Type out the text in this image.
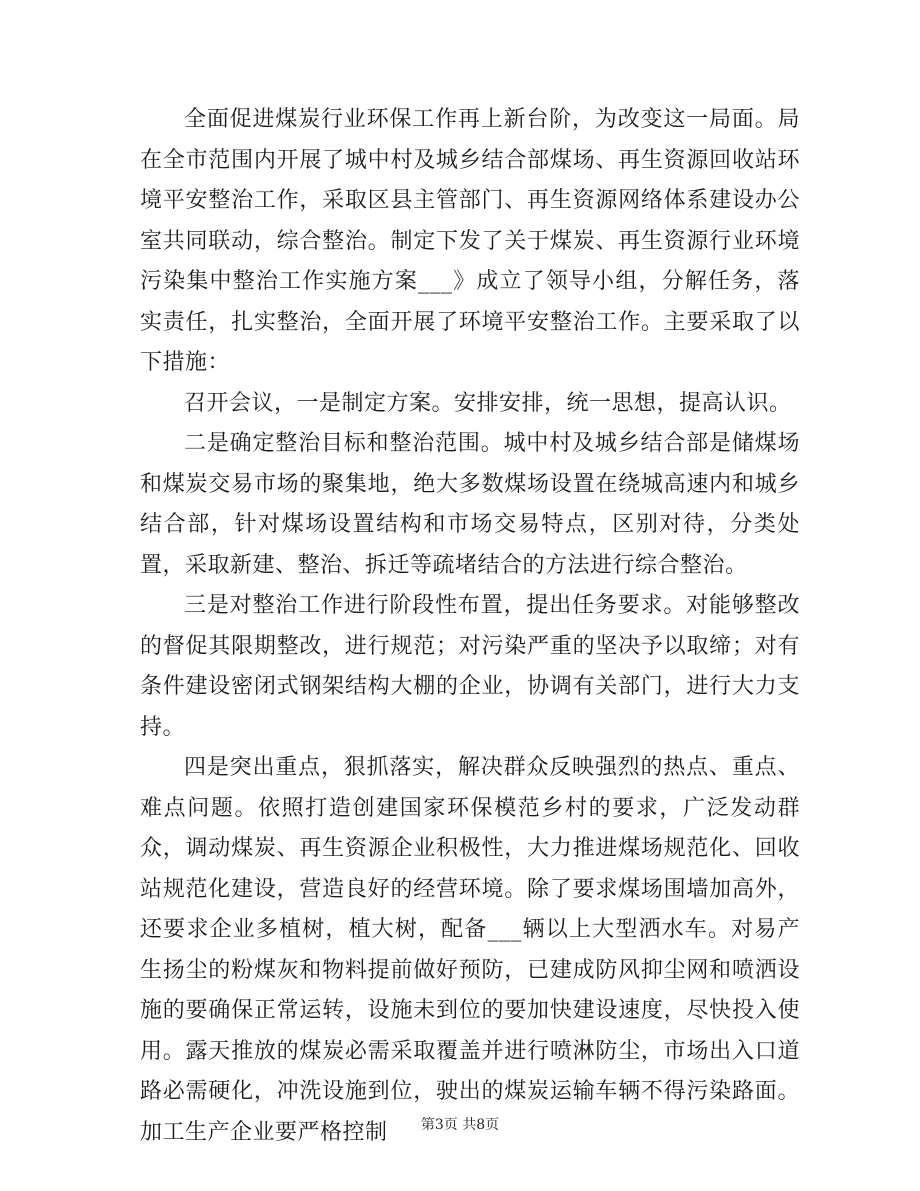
全面促进煤炭行业环保工作再上新台阶，为改变这一局面。局在全市范围内开展了城中村及城乡结合部煤场、再生资源回收站环境平安整治工作，采取区县主管部门、再生资源网络体系建设办公室共同联动，综合整治。制定下发了关于煤炭、再生资源行业环境污染集中整治工作实施方案___》成立了领导小组，分解任务，落实责任，扎实整治，全面开展了环境平安整治工作。主要采取了以下措施：

召开会议，一是制定方案。安排安排，统一思想，提高认识。

二是确定整治目标和整治范围。城中村及城乡结合部是储煤场和煤炭交易市场的聚集地，绝大多数煤场设置在绕城高速内和城乡结合部，针对煤场设置结构和市场交易特点，区别对待，分类处置，采取新建、整治、拆迁等疏堵结合的方法进行综合整治。

三是对整治工作进行阶段性布置，提出任务要求。对能够整改的督促其限期整改，进行规范；对污染严重的坚决予以取缔；对有条件建设密闭式钢架结构大棚的企业，协调有关部门，进行大力支持。

四是突出重点，狠抓落实，解决群众反映强烈的热点、重点、难点问题。依照打造创建国家环保模范乡村的要求，广泛发动群众，调动煤炭、再生资源企业积极性，大力推进煤场规范化、回收站规范化建设，营造良好的经营环境。除了要求煤场围墙加高外，还要求企业多植树，植大树，配备___辆以上大型洒水车。对易产生扬尘的粉煤灰和物料提前做好预防，已建成防风抑尘网和喷洒设施的要确保正常运转，设施未到位的要加快建设速度，尽快投入使用。露天推放的煤炭必需采取覆盖并进行喷淋防尘，市场出入口道路必需硬化，冲洗设施到位，驶出的煤炭运输车辆不得污染路面。加工生产企业要严格控制	第3页 共8页
